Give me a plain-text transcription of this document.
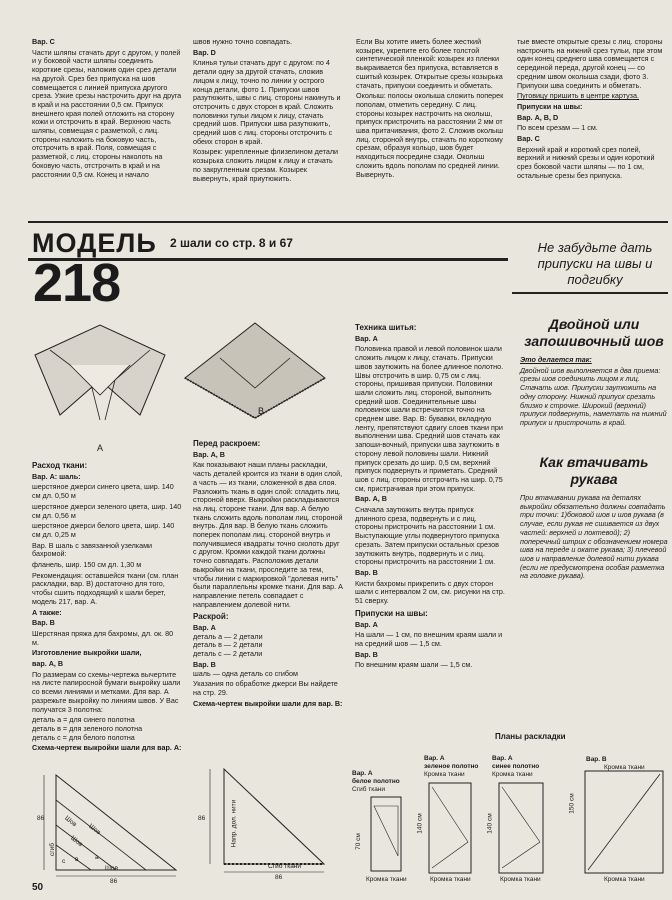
Вар. С

Части шляпы стачать друг с другом, у полей и у боковой части шляпы соединить короткие срезы, наложив один срез детали на другой. Срез без припуска на шов совмещается с линией припуска другого среза. Узкие срезы настрочить друг на друга в край и на расстоянии 0,5 см. Припуск внешнего края полей отложить на сторону кожи и отстрочить в край. Верхнюю часть шляпы, совмещая с разметкой, с лиц. стороны наложить на боковую часть, отстрочить в край. Поля, совмещая с разметкой, с лиц. стороны наколоть на боковую часть, отстрочить в край и на расстоянии 0,5 см. Конец и начало

швов нужно точно совпадать.

Вар. D

Клинья тульи стачать друг с другом: по 4 детали одну за другой стачать, сложив лицом к лицу, точно по линии у острого конца детали, фото 1. Припуски швов разутюжить, швы с лиц. стороны накинуть и отстрочить с двух сторон в край. Сложить половинки тульи лицом к лицу, стачать средний шов. Припуски шва разутюжить, средний шов с лиц. стороны отстрочить с обеих сторон в край.

Козырек: укрепленные флизелином детали козырька сложить лицом к лицу и стачать по закругленным срезам. Козырек вывернуть, край приутюжить.

Если Вы хотите иметь более жесткий козырек, укрепите его более толстой синтетической пленкой: козырек из пленки выкраивается без припуска, вставляется в сшитый козырек. Открытые срезы козырька стачать, припуски соединить и обметать.

Околыш: полосы околыша сложить поперек пополам, отметить середину. С лиц. стороны козырек настрочить на околыш, припуск пристрочить на расстоянии 2 мм от шва притачивания, фото 2. Сложив околыш лиц. стороной внутрь, стачать по короткому срезам, образуя кольцо, шов будет находиться посредине сзади. Околыш сложить вдоль пополам по средней линии. Вывернуть.

тые вместе открытые срезы с лиц. стороны настрочить на нижний срез тульи, при этом один конец среднего шва совмещается с серединой переда, другой конец — со средним швом околыша сзади, фото 3. Припуски шва соединить и обметать.

Пуговицу пришить в центре картуза.

Припуски на швы:

Вар. А, В, D

По всем срезам — 1 см.

Вар. С

Верхний край и короткий срез полей, верхний и нижний срезы и один короткий срез боковой части шляпы — по 1 см, остальные срезы без припуска.

МОДЕЛЬ 2 шали со стр. 8 и 67
218
Не забудьте дать припуски на швы и подгибку
А
В

Расход ткани:

Вар. А: шаль:

шерстяное джерси синего цвета, шир. 140 см дл. 0,50 м

шерстяное джерси зеленого цвета, шир. 140 см дл. 0,56 м

шерстяное джерси белого цвета, шир. 140 см дл. 0,25 м

Вар. В шаль с завязанной узелками бахромой:

фланель, шир. 150 см дл. 1,30 м

Рекомендация: оставшейся ткани (см. план раскладки, вар. В) достаточно для того, чтобы сшить подходящий к шали берет, модель 217, вар. А.

А также:

Вар. В

Шерстяная пряжа для бахромы, дл. ок. 80 м.

Изготовление выкройки шали,

вар. А, В

По размерам со схемы-чертежа вычертите на листе папиросной бумаги выкройку шали со всеми линиями и метками. Для вар. А разрежьте выкройку по линиям швов. У Вас получатся 3 полотна:

деталь а = для синего полотна

деталь в = для зеленого полотна

деталь с = для белого полотна

Схема-чертеж выкройки шали для вар. А:

Перед раскроем:

Вар. А, В

Как показывают наши планы раскладки, часть деталей кроится из ткани в один слой, а часть — из ткани, сложенной в два слоя. Разложить ткань в один слой: сгладить лиц. стороной вверх. Выкройки раскладываются на лиц. стороне ткани. Для вар. А белую ткань сложить вдоль пополам лиц. стороной внутрь. Для вар. В белую ткань сложить поперек пополам лиц. стороной внутрь и получившиеся квадраты точно сколоть друг с другом. Кромки каждой ткани должны точно совпадать. Расположив детали выкройки на ткани, проследите за тем, чтобы линии с маркировкой "долевая нить" были параллельны кромке ткани. Для вар. А направление петель совпадает с направлением долевой нити.

Раскрой:

Вар. А

деталь а — 2 детали

деталь в — 2 детали

деталь с — 2 детали

Вар. В

шаль — одна деталь со сгибом

Указания по обработке джерси Вы найдете на стр. 29.

Схема-чертеж выкройки шали для вар. В:

Техника шитья:

Вар. А

Половинка правой и левой половинок шали сложить лицом к лицу, стачать. Припуски швов заутюжить на более длинное полотно. Швы отстрочить в шир. 0,75 см с лиц. стороны, пришивая припуски. Половинки шали сложить лиц. стороной, выполнить средний шов. Соединительные швы половинок шали встречаются точно на среднем шве. Вар. В: бувавки, вкладную ленту, препятствуют сдвигу слоев ткани при выполнении шва. Средний шов стачать как запоши-вочный, припуски шва заутюжить в сторону левой половины шали. Нижний припуск срезать до шир. 0,5 см, верхний припуск подвернуть и приметать. Средний шов с лиц. стороны отстрочить на шир. 0,75 см, пристрачивая при этом припуск.

Вар. А, В

Сначала заутюжить внутрь припуск длинного среза, подвернуть и с лиц. стороны пристрочить на расстоянии 1 см. Выступающие углы подвернутого припуска срезать. Затем припуски остальных срезов заутюжить внутрь, подвернуть и с лиц. стороны пристрочить на расстоянии 1 см.

Вар. В

Кисти бахромы прикрепить с двух сторон шали с интервалом 2 см, см. рисунки на стр. 51 сверху.

Припуски на швы:

Вар. А

На шали — 1 см, по внешним краям шали и на средний шов — 1,5 см.

Вар. В

По внешним краям шали — 1,5 см.

Двойной или запошивочный шов

Это делается так:

Двойной шов выполняется в два приема: срезы шов соединить лицом к лиц. Стачать шов. Припуски заутюжить на одну сторону. Нижний припуск срезать близко к строчке. Широкий (верхний) припуск подвернуть, наметать на нижний припуск и пристрочить в край.

Как втачивать рукава

При втачивании рукава на деталях выкройки обязательно должны совпадать три точки: 1)боковой шов и шов рукава (в случае, если рукав не сшивается из двух частей: верхней и локтевой); 2) поперечный штрих с обозначением номера шва на переде и окате рукава; 3) плечевой шов и направление долевой нити рукава (если не предусмотрена особая разметка на головке рукава).

Шов
Шов
Шов
Шов
а
в
с
86
86
сгиб
Напр. дол. нити
Сгиб ткани
86
86
Планы раскладки
Вар. А
белое полотно
Сгиб ткани
70 см
Кромка ткани
Вар. А
зеленое полотно
Кромка ткани
140 см
Кромка ткани
Вар. А
синее полотно
Кромка ткани
140 см
Кромка ткани
Вар. В
Кромка ткани
150 см
Кромка ткани
50
